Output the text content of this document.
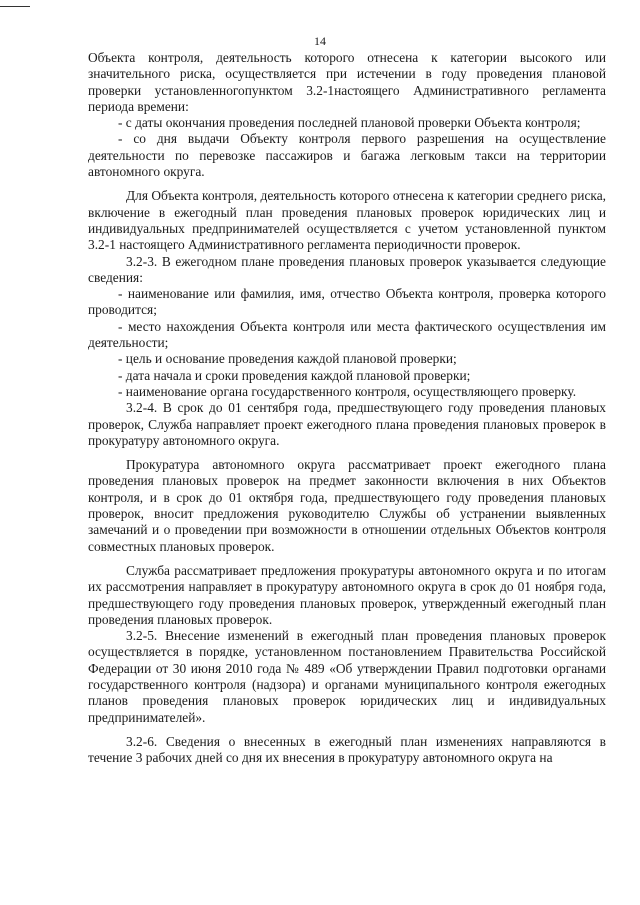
14

Объекта контроля, деятельность которого отнесена к категории высокого или значительного риска, осуществляется при истечении в году проведения плановой проверки установленногопунктом 3.2-1настоящего Административного регламента периода времени:

- с даты окончания проведения последней плановой проверки Объекта контроля;

- со дня выдачи Объекту контроля первого разрешения на осуществление деятельности по перевозке пассажиров и багажа легковым такси на территории автономного округа.

Для Объекта контроля, деятельность которого отнесена к категории среднего риска, включение в ежегодный план проведения плановых проверок юридических лиц и индивидуальных предпринимателей осуществляется с учетом установленной пунктом 3.2-1 настоящего Административного регламента периодичности проверок.

3.2-3. В ежегодном плане проведения плановых проверок указывается следующие сведения:

- наименование или фамилия, имя, отчество Объекта контроля, проверка которого проводится;

- место нахождения Объекта контроля или места фактического осуществления им деятельности;

- цель и основание проведения каждой плановой проверки;

- дата начала и сроки проведения каждой плановой проверки;

- наименование органа государственного контроля, осуществляющего проверку.

3.2-4. В срок до 01 сентября года, предшествующего году проведения плановых проверок, Служба направляет проект ежегодного плана проведения плановых проверок в прокуратуру автономного округа.

Прокуратура автономного округа рассматривает проект ежегодного плана проведения плановых проверок на предмет законности включения в них Объектов контроля, и в срок до 01 октября года, предшествующего году проведения плановых проверок, вносит предложения руководителю Службы об устранении выявленных замечаний и о проведении при возможности в отношении отдельных Объектов контроля совместных плановых проверок.

Служба рассматривает предложения прокуратуры автономного округа и по итогам их рассмотрения направляет в прокуратуру автономного округа в срок до 01 ноября года, предшествующего году проведения плановых проверок, утвержденный ежегодный план проведения плановых проверок.

3.2-5. Внесение изменений в ежегодный план проведения плановых проверок осуществляется в порядке, установленном постановлением Правительства Российской Федерации от 30 июня 2010 года № 489 «Об утверждении Правил подготовки органами государственного контроля (надзора) и органами муниципального контроля ежегодных планов проведения плановых проверок юридических лиц и индивидуальных предпринимателей».

3.2-6. Сведения о внесенных в ежегодный план изменениях направляются в течение 3 рабочих дней со дня их внесения в прокуратуру автономного округа на
